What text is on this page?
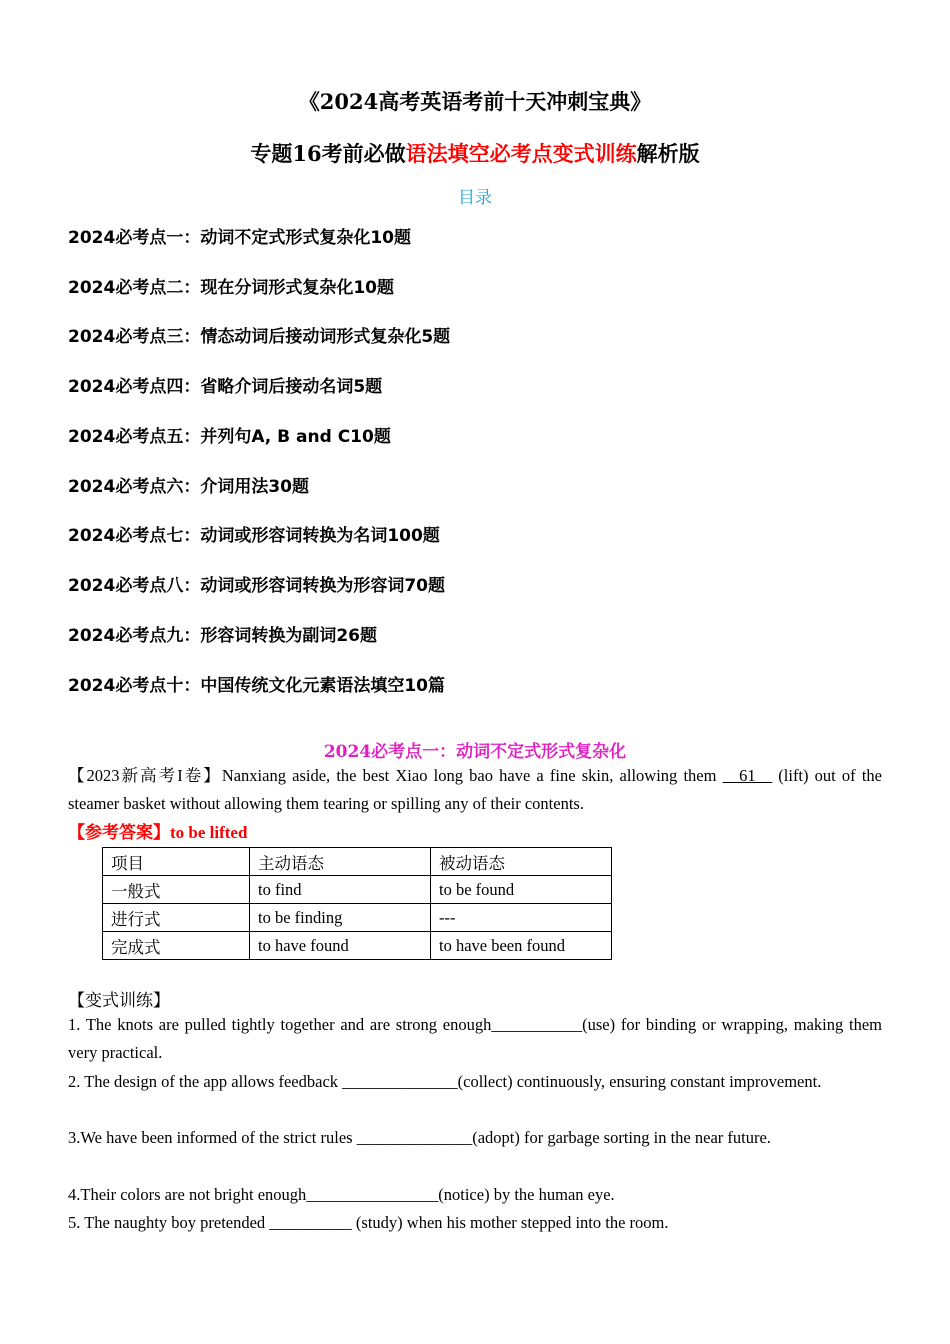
《2024高考英语考前十天冲刺宝典》
专题16考前必做语法填空必考点变式训练解析版
目录
2024必考点一：动词不定式形式复杂化10题
2024必考点二：现在分词形式复杂化10题
2024必考点三：情态动词后接动词形式复杂化5题
2024必考点四：省略介词后接动名词5题
2024必考点五：并列句A, B and C10题
2024必考点六：介词用法30题
2024必考点七：动词或形容词转换为名词100题
2024必考点八：动词或形容词转换为形容词70题
2024必考点九：形容词转换为副词26题
2024必考点十：中国传统文化元素语法填空10篇
2024必考点一：动词不定式形式复杂化
【2023新高考I卷】Nanxiang aside, the best Xiao long bao have a fine skin, allowing them __61__ (lift) out of the steamer basket without allowing them tearing or spilling any of their contents.
【参考答案】to be lifted
项目	主动语态	被动语态
一般式	to find	to be found
进行式	to be finding	---
完成式	to have found	to have been found
【变式训练】
1. The knots are pulled tightly together and are strong enough___________(use) for binding or wrapping, making them very practical.
2. The design of the app allows feedback ______________(collect) continuously, ensuring constant improvement.
3.We have been informed of the strict rules ______________(adopt) for garbage sorting in the near future.
4.Their colors are not bright enough________________(notice) by the human eye.
5. The naughty boy pretended __________ (study) when his mother stepped into the room.
